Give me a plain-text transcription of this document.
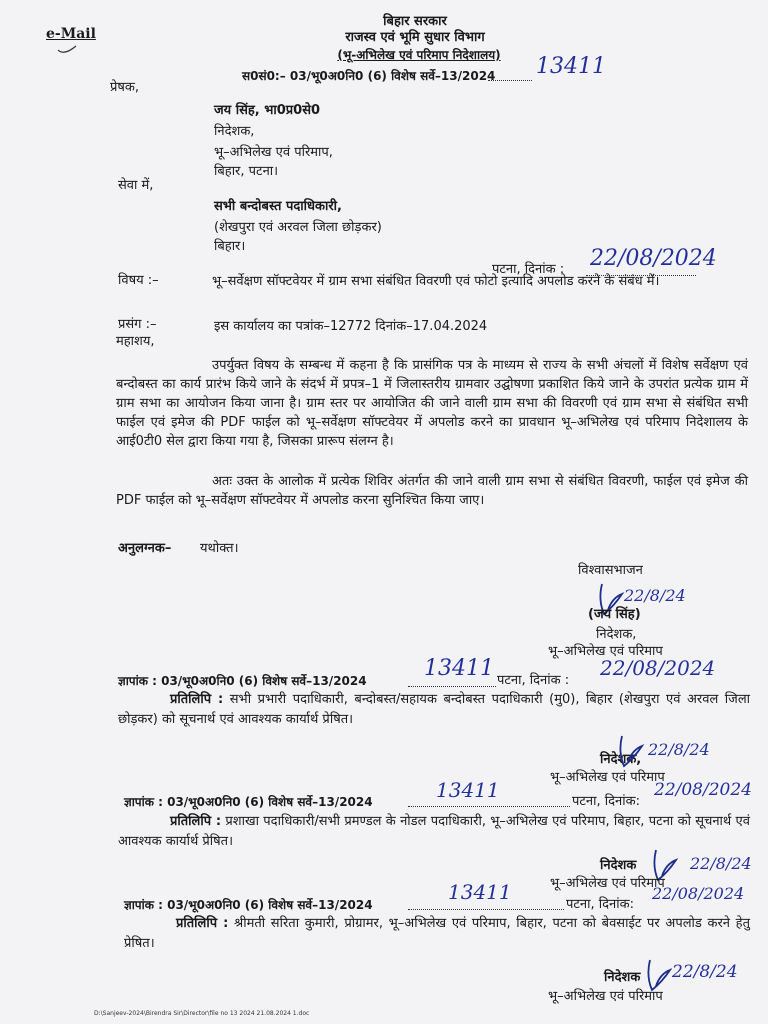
e-Mail
बिहार सरकार
राजस्व एवं भूमि सुधार विभाग
(भू-अभिलेख एवं परिमाप निदेशालय)
स0सं0:– 03/भू0अ0नि0 (6) विशेष सर्वे–13/2024 13411
प्रेषक,
जय सिंह, भा0प्र0से0
निदेशक,
भू–अभिलेख एवं परिमाप,
बिहार, पटना।
सेवा में,
सभी बन्दोबस्त पदाधिकारी,
(शेखपुरा एवं अरवल जिला छोड़कर)
बिहार।
पटना, दिनांक : 22/08/2024
विषय :–	भू–सर्वेक्षण सॉफ्टवेयर में ग्राम सभा संबंधित विवरणी एवं फोटो इत्यादि अपलोड करने के संबंध में।
प्रसंग :–	इस कार्यालय का पत्रांक–12772 दिनांक–17.04.2024
महाशय,
उपर्युक्त विषय के सम्बन्ध में कहना है कि प्रासंगिक पत्र के माध्यम से राज्य के सभी अंचलों में विशेष सर्वेक्षण एवं बन्दोबस्त का कार्य प्रारंभ किये जाने के संदर्भ में प्रपत्र–1 में जिलास्तरीय ग्रामवार उद्घोषणा प्रकाशित किये जाने के उपरांत प्रत्येक ग्राम में ग्राम सभा का आयोजन किया जाना है। ग्राम स्तर पर आयोजित की जाने वाली ग्राम सभा की विवरणी एवं ग्राम सभा से संबंधित सभी फाईल एवं इमेज की PDF फाईल को भू–सर्वेक्षण सॉफ्टवेयर में अपलोड करने का प्रावधान भू–अभिलेख एवं परिमाप निदेशालय के आई0टी0 सेल द्वारा किया गया है, जिसका प्रारूप संलग्न है।
अतः उक्त के आलोक में प्रत्येक शिविर अंतर्गत की जाने वाली ग्राम सभा से संबंधित विवरणी, फाईल एवं इमेज की PDF फाईल को भू–सर्वेक्षण सॉफ्टवेयर में अपलोड करना सुनिश्चित किया जाए।
अनुलग्नक– यथोक्त।
विश्वासभाजन
22/8/24
(जय सिंह)
निदेशक,
भू–अभिलेख एवं परिमाप
ज्ञापांक : 03/भू0अ0नि0 (6) विशेष सर्वे–13/2024	13411 पटना, दिनांक :
22/08/2024
प्रतिलिपि : सभी प्रभारी पदाधिकारी, बन्दोबस्त/सहायक बन्दोबस्त पदाधिकारी (मु0), बिहार (शेखपुरा एवं अरवल जिला छोड़कर) को सूचनार्थ एवं आवश्यक कार्यार्थ प्रेषित।
निदेशक,
22/8/24
भू–अभिलेख एवं परिमाप
ज्ञापांक : 03/भू0अ0नि0 (6) विशेष सर्वे–13/2024	13411	पटना, दिनांक:
22/08/2024
प्रतिलिपि : प्रशाखा पदाधिकारी/सभी प्रमण्डल के नोडल पदाधिकारी, भू–अभिलेख एवं परिमाप, बिहार, पटना को सूचनार्थ एवं आवश्यक कार्यार्थ प्रेषित।
निदेशक	22/8/24
भू–अभिलेख एवं परिमाप
ज्ञापांक : 03/भू0अ0नि0 (6) विशेष सर्वे–13/2024
13411
पटना, दिनांक:
22/08/2024
प्रतिलिपि : श्रीमती सरिता कुमारी, प्रोग्रामर, भू–अभिलेख एवं परिमाप, बिहार, पटना को बेवसाईट पर अपलोड करने हेतु प्रेषित।
निदेशक 22/8/24
भू–अभिलेख एवं परिमाप
D:\Sanjeev-2024\Birendra Sir\Director\file no 13 2024 21.08.2024 1.doc
